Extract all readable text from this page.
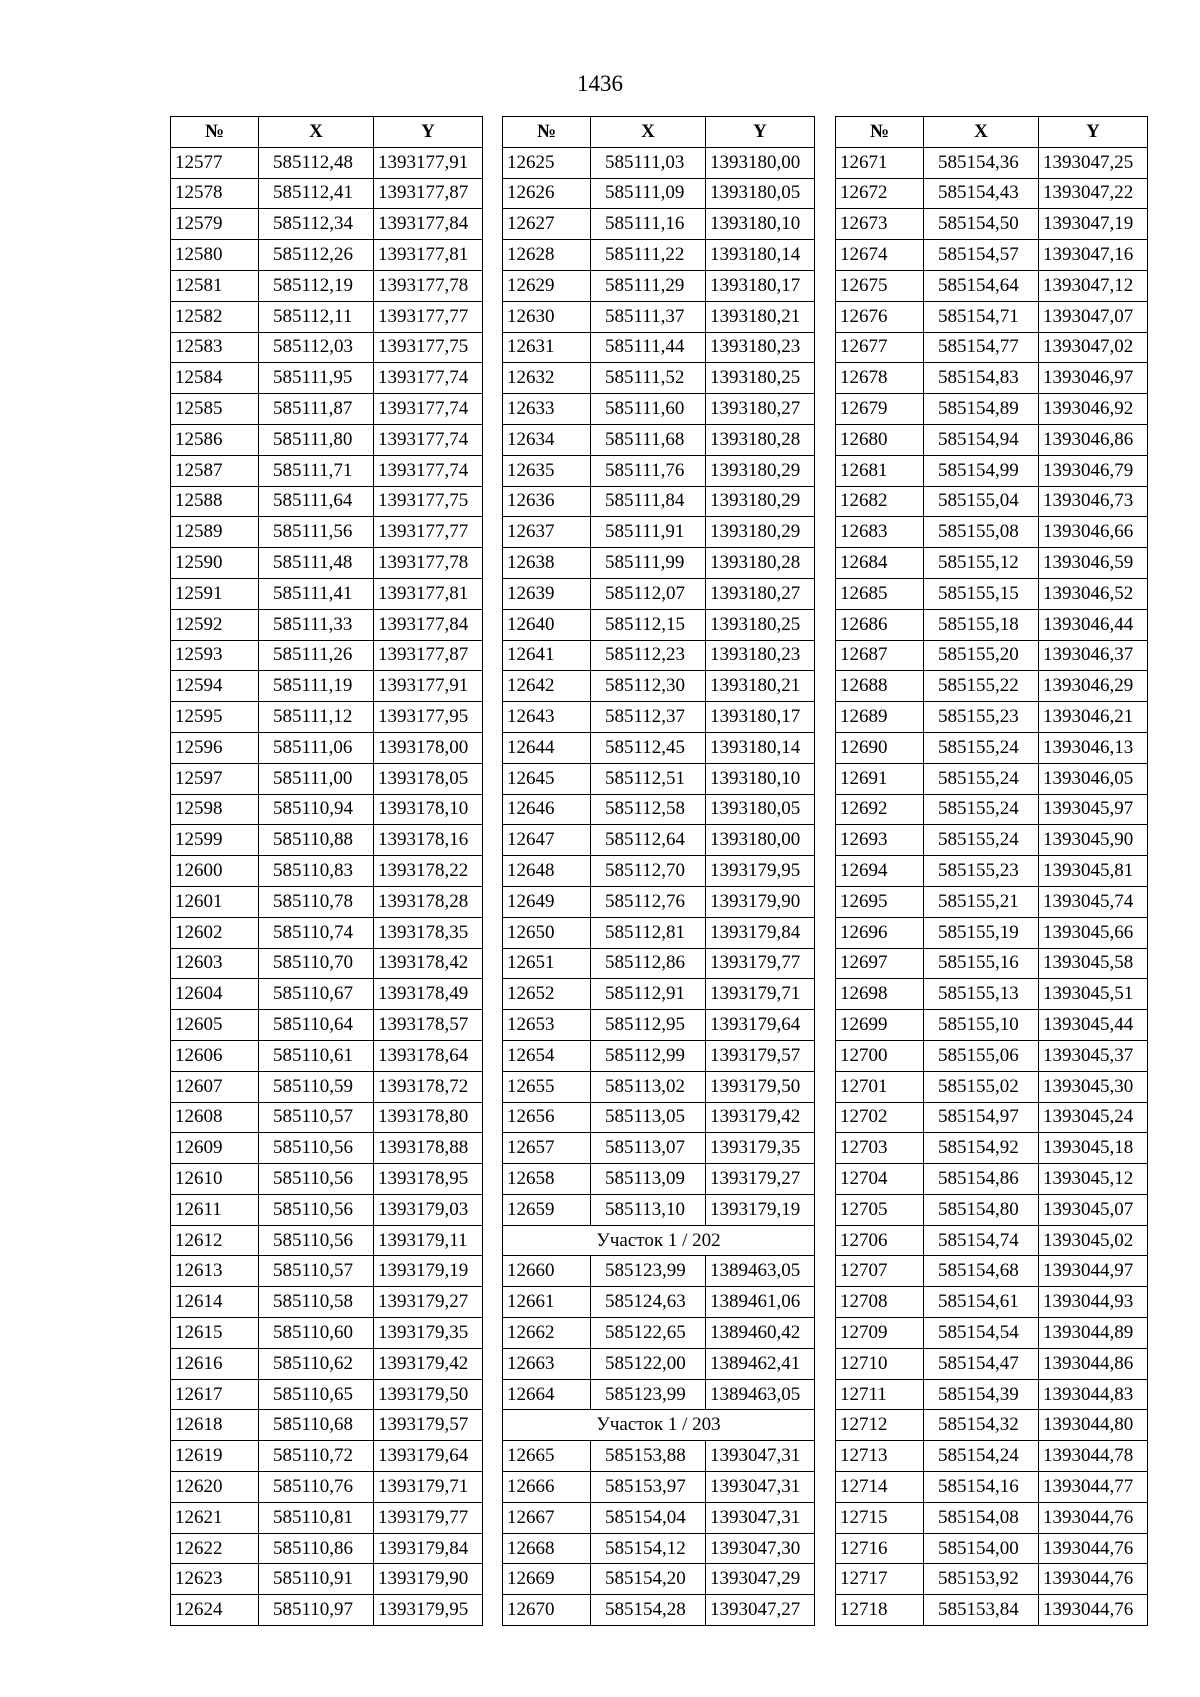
1436
№	X	Y
12577	585112,48	1393177,91
12578	585112,41	1393177,87
12579	585112,34	1393177,84
12580	585112,26	1393177,81
12581	585112,19	1393177,78
12582	585112,11	1393177,77
12583	585112,03	1393177,75
12584	585111,95	1393177,74
12585	585111,87	1393177,74
12586	585111,80	1393177,74
12587	585111,71	1393177,74
12588	585111,64	1393177,75
12589	585111,56	1393177,77
12590	585111,48	1393177,78
12591	585111,41	1393177,81
12592	585111,33	1393177,84
12593	585111,26	1393177,87
12594	585111,19	1393177,91
12595	585111,12	1393177,95
12596	585111,06	1393178,00
12597	585111,00	1393178,05
12598	585110,94	1393178,10
12599	585110,88	1393178,16
12600	585110,83	1393178,22
12601	585110,78	1393178,28
12602	585110,74	1393178,35
12603	585110,70	1393178,42
12604	585110,67	1393178,49
12605	585110,64	1393178,57
12606	585110,61	1393178,64
12607	585110,59	1393178,72
12608	585110,57	1393178,80
12609	585110,56	1393178,88
12610	585110,56	1393178,95
12611	585110,56	1393179,03
12612	585110,56	1393179,11
12613	585110,57	1393179,19
12614	585110,58	1393179,27
12615	585110,60	1393179,35
12616	585110,62	1393179,42
12617	585110,65	1393179,50
12618	585110,68	1393179,57
12619	585110,72	1393179,64
12620	585110,76	1393179,71
12621	585110,81	1393179,77
12622	585110,86	1393179,84
12623	585110,91	1393179,90
12624	585110,97	1393179,95
№	X	Y
12625	585111,03	1393180,00
12626	585111,09	1393180,05
12627	585111,16	1393180,10
12628	585111,22	1393180,14
12629	585111,29	1393180,17
12630	585111,37	1393180,21
12631	585111,44	1393180,23
12632	585111,52	1393180,25
12633	585111,60	1393180,27
12634	585111,68	1393180,28
12635	585111,76	1393180,29
12636	585111,84	1393180,29
12637	585111,91	1393180,29
12638	585111,99	1393180,28
12639	585112,07	1393180,27
12640	585112,15	1393180,25
12641	585112,23	1393180,23
12642	585112,30	1393180,21
12643	585112,37	1393180,17
12644	585112,45	1393180,14
12645	585112,51	1393180,10
12646	585112,58	1393180,05
12647	585112,64	1393180,00
12648	585112,70	1393179,95
12649	585112,76	1393179,90
12650	585112,81	1393179,84
12651	585112,86	1393179,77
12652	585112,91	1393179,71
12653	585112,95	1393179,64
12654	585112,99	1393179,57
12655	585113,02	1393179,50
12656	585113,05	1393179,42
12657	585113,07	1393179,35
12658	585113,09	1393179,27
12659	585113,10	1393179,19
Участок 1 / 202		
12660	585123,99	1389463,05
12661	585124,63	1389461,06
12662	585122,65	1389460,42
12663	585122,00	1389462,41
12664	585123,99	1389463,05
Участок 1 / 203		
12665	585153,88	1393047,31
12666	585153,97	1393047,31
12667	585154,04	1393047,31
12668	585154,12	1393047,30
12669	585154,20	1393047,29
12670	585154,28	1393047,27
№	X	Y
12671	585154,36	1393047,25
12672	585154,43	1393047,22
12673	585154,50	1393047,19
12674	585154,57	1393047,16
12675	585154,64	1393047,12
12676	585154,71	1393047,07
12677	585154,77	1393047,02
12678	585154,83	1393046,97
12679	585154,89	1393046,92
12680	585154,94	1393046,86
12681	585154,99	1393046,79
12682	585155,04	1393046,73
12683	585155,08	1393046,66
12684	585155,12	1393046,59
12685	585155,15	1393046,52
12686	585155,18	1393046,44
12687	585155,20	1393046,37
12688	585155,22	1393046,29
12689	585155,23	1393046,21
12690	585155,24	1393046,13
12691	585155,24	1393046,05
12692	585155,24	1393045,97
12693	585155,24	1393045,90
12694	585155,23	1393045,81
12695	585155,21	1393045,74
12696	585155,19	1393045,66
12697	585155,16	1393045,58
12698	585155,13	1393045,51
12699	585155,10	1393045,44
12700	585155,06	1393045,37
12701	585155,02	1393045,30
12702	585154,97	1393045,24
12703	585154,92	1393045,18
12704	585154,86	1393045,12
12705	585154,80	1393045,07
12706	585154,74	1393045,02
12707	585154,68	1393044,97
12708	585154,61	1393044,93
12709	585154,54	1393044,89
12710	585154,47	1393044,86
12711	585154,39	1393044,83
12712	585154,32	1393044,80
12713	585154,24	1393044,78
12714	585154,16	1393044,77
12715	585154,08	1393044,76
12716	585154,00	1393044,76
12717	585153,92	1393044,76
12718	585153,84	1393044,76
